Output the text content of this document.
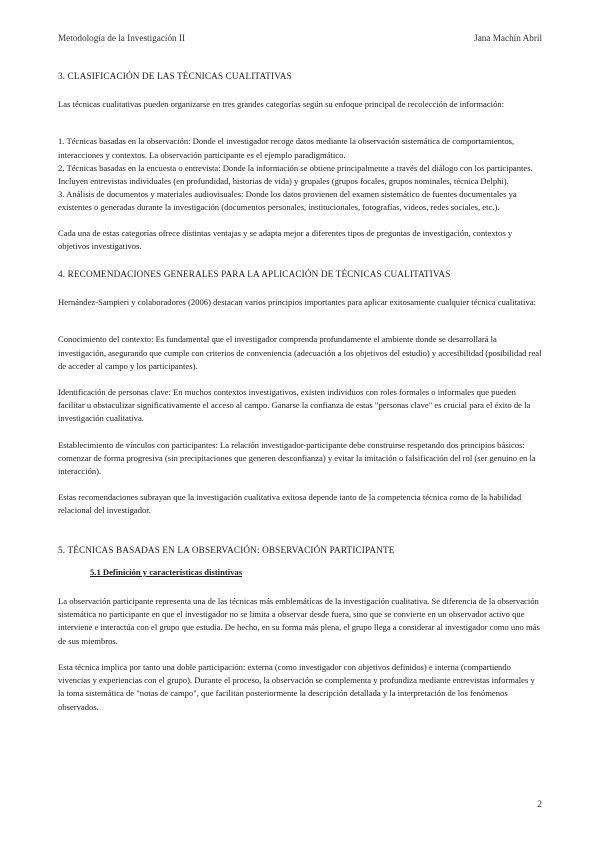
Metodología de la Investigación II	Jana Machín Abril
3. CLASIFICACIÓN DE LAS TÉCNICAS CUALITATIVAS

Las técnicas cualitativas pueden organizarse en tres grandes categorías según su enfoque principal de recolección de información:

1. Técnicas basadas en la observación: Donde el investigador recoge datos mediante la observación sistemática de comportamientos, interacciones y contextos. La observación participante es el ejemplo paradigmático.
2. Técnicas basadas en la encuesta o entrevista: Donde la información se obtiene principalmente a través del diálogo con los participantes. Incluyen entrevistas individuales (en profundidad, historias de vida) y grupales (grupos focales, grupos nominales, técnica Delphi).
3. Análisis de documentos y materiales audiovisuales: Donde los datos provienen del examen sistemático de fuentes documentales ya existentes o generadas durante la investigación (documentos personales, institucionales, fotografías, videos, redes sociales, etc.).

Cada una de estas categorías ofrece distintas ventajas y se adapta mejor a diferentes tipos de preguntas de investigación, contextos y objetivos investigativos.

4. RECOMENDACIONES GENERALES PARA LA APLICACIÓN DE TÉCNICAS CUALITATIVAS

Hernández-Sampieri y colaboradores (2006) destacan varios principios importantes para aplicar exitosamente cualquier técnica cualitativa:

Conocimiento del contexto: Es fundamental que el investigador comprenda profundamente el ambiente donde se desarrollará la investigación, asegurando que cumple con criterios de conveniencia (adecuación a los objetivos del estudio) y accesibilidad (posibilidad real de acceder al campo y los participantes).

Identificación de personas clave: En muchos contextos investigativos, existen individuos con roles formales o informales que pueden facilitar u obstaculizar significativamente el acceso al campo. Ganarse la confianza de estas "personas clave" es crucial para el éxito de la investigación cualitativa.

Establecimiento de vínculos con participantes: La relación investigador-participante debe construirse respetando dos principios básicos: comenzar de forma progresiva (sin precipitaciones que generen desconfianza) y evitar la imitación o falsificación del rol (ser genuino en la interacción).

Estas recomendaciones subrayan que la investigación cualitativa exitosa depende tanto de la competencia técnica como de la habilidad relacional del investigador.

5. TÉCNICAS BASADAS EN LA OBSERVACIÓN: OBSERVACIÓN PARTICIPANTE
5.1 Definición y características distintivas

La observación participante representa una de las técnicas más emblemáticas de la investigación cualitativa. Se diferencia de la observación sistemática no participante en que el investigador no se limita a observar desde fuera, sino que se convierte en un observador activo que interviene e interactúa con el grupo que estudia. De hecho, en su forma más plena, el grupo llega a considerar al investigador como uno más de sus miembros.

Esta técnica implica por tanto una doble participación: externa (como investigador con objetivos definidos) e interna (compartiendo vivencias y experiencias con el grupo). Durante el proceso, la observación se complementa y profundiza mediante entrevistas informales y la toma sistemática de "notas de campo", que facilitan posteriormente la descripción detallada y la interpretación de los fenómenos observados.

2
